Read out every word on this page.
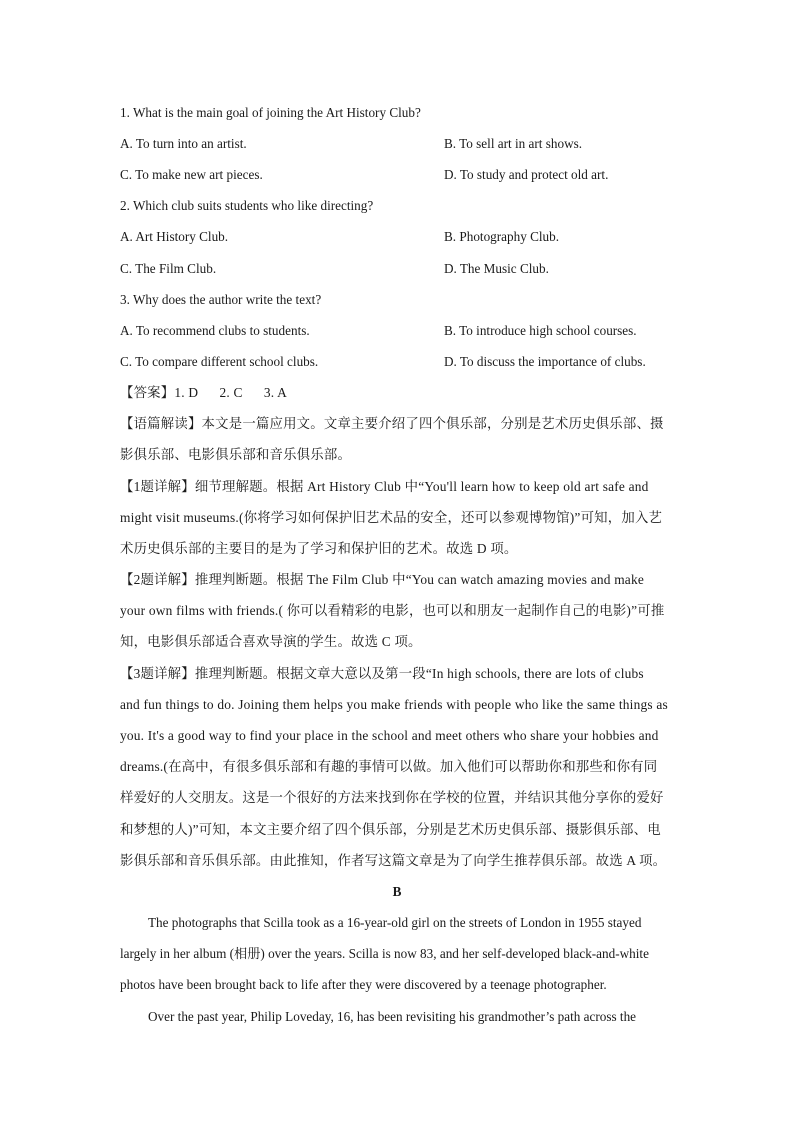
1. What is the main goal of joining the Art History Club?
A. To turn into an artist.	B. To sell art in art shows.
C. To make new art pieces.	D. To study and protect old art.
2. Which club suits students who like directing?
A. Art History Club.	B. Photography Club.
C. The Film Club.	D. The Music Club.
3. Why does the author write the text?
A. To recommend clubs to students.	B. To introduce high school courses.
C. To compare different school clubs.	D. To discuss the importance of clubs.
【答案】1. D      2. C      3. A
【语篇解读】本文是一篇应用文。文章主要介绍了四个俱乐部，分别是艺术历史俱乐部、摄
影俱乐部、电影俱乐部和音乐俱乐部。
【1题详解】细节理解题。根据 Art History Club 中“You'll learn how to keep old art safe and
might visit museums.(你将学习如何保护旧艺术品的安全，还可以参观博物馆)”可知，加入艺
术历史俱乐部的主要目的是为了学习和保护旧的艺术。故选 D 项。
【2题详解】推理判断题。根据 The Film Club 中“You can watch amazing movies and make
your own films with friends.( 你可以看精彩的电影，也可以和朋友一起制作自己的电影)”可推
知，电影俱乐部适合喜欢导演的学生。故选 C 项。
【3题详解】推理判断题。根据文章大意以及第一段“In high schools, there are lots of clubs
and fun things to do. Joining them helps you make friends with people who like the same things as
you. It's a good way to find your place in the school and meet others who share your hobbies and
dreams.(在高中，有很多俱乐部和有趣的事情可以做。加入他们可以帮助你和那些和你有同
样爱好的人交朋友。这是一个很好的方法来找到你在学校的位置，并结识其他分享你的爱好
和梦想的人)”可知，本文主要介绍了四个俱乐部，分别是艺术历史俱乐部、摄影俱乐部、电
影俱乐部和音乐俱乐部。由此推知，作者写这篇文章是为了向学生推荐俱乐部。故选 A 项。
B
The photographs that Scilla took as a 16-year-old girl on the streets of London in 1955 stayed
largely in her album (相册) over the years. Scilla is now 83, and her self-developed black-and-white
photos have been brought back to life after they were discovered by a teenage photographer.
Over the past year, Philip Loveday, 16, has been revisiting his grandmother’s path across the
